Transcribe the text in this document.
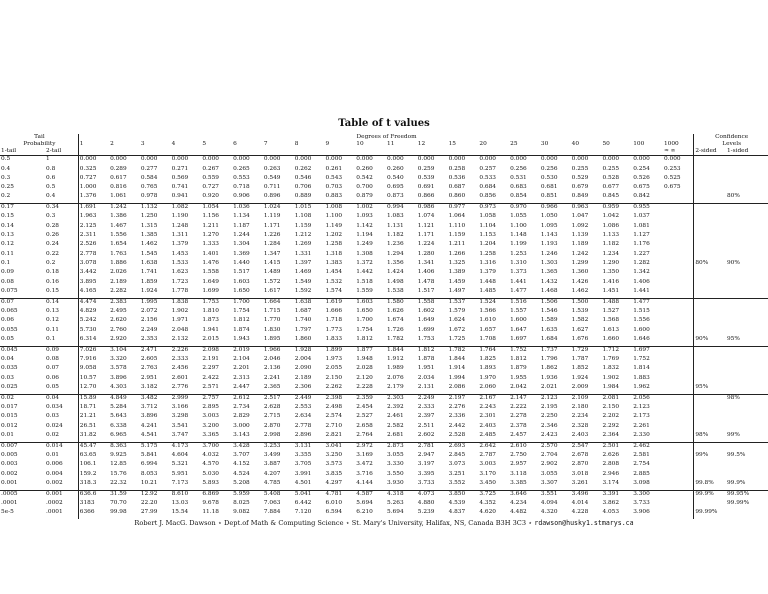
Table of t values
Tail									Degrees of Freedom													Confidence	
Probability		1	2	3	4	5	6	7	8	9	10	11	12	15	20	25	30	40	50	100	1000	Levels	
1-tail	2-tail																				≈ ∞	2-sided	1-sided
0.5	1	0.000	0.000	0.000	0.000	0.000	0.000	0.000	0.000	0.000	0.000	0.000	0.000	0.000	0.000	0.000	0.000	0.000	0.000	0.000	0.000		
0.4	0.8	0.325	0.289	0.277	0.271	0.267	0.265	0.263	0.262	0.261	0.260	0.260	0.259	0.258	0.257	0.256	0.256	0.255	0.255	0.254	0.253		
0.3	0.6	0.727	0.617	0.584	0.569	0.559	0.553	0.549	0.546	0.543	0.542	0.540	0.539	0.536	0.533	0.531	0.530	0.529	0.528	0.526	0.525		
0.25	0.5	1.000	0.816	0.765	0.741	0.727	0.718	0.711	0.706	0.703	0.700	0.695	0.691	0.687	0.684	0.683	0.681	0.679	0.677	0.675	0.675		
0.2	0.4	1.376	1.061	0.978	0.941	0.920	0.906	0.896	0.889	0.883	0.879	0.873	0.866	0.860	0.856	0.854	0.851	0.849	0.845	0.842			80%
0.17	0.34	1.691	1.242	1.132	1.082	1.054	1.036	1.024	1.015	1.008	1.002	0.994	0.986	0.977	0.973	0.970	0.966	0.963	0.959	0.955			
0.15	0.3	1.963	1.386	1.250	1.190	1.156	1.134	1.119	1.108	1.100	1.093	1.083	1.074	1.064	1.058	1.055	1.050	1.047	1.042	1.037			
0.14	0.28	2.125	1.467	1.315	1.248	1.211	1.187	1.171	1.159	1.149	1.142	1.131	1.121	1.110	1.104	1.100	1.095	1.092	1.086	1.081			
0.13	0.26	2.311	1.556	1.385	1.311	1.270	1.244	1.226	1.212	1.202	1.194	1.182	1.171	1.159	1.153	1.148	1.143	1.139	1.133	1.127			
0.12	0.24	2.526	1.654	1.462	1.379	1.333	1.304	1.284	1.269	1.258	1.249	1.236	1.224	1.211	1.204	1.199	1.193	1.189	1.182	1.176			
0.11	0.22	2.778	1.763	1.545	1.453	1.401	1.369	1.347	1.331	1.318	1.308	1.294	1.280	1.266	1.258	1.253	1.246	1.242	1.234	1.227			
0.1	0.2	3.078	1.886	1.638	1.533	1.476	1.440	1.415	1.397	1.383	1.372	1.356	1.341	1.325	1.316	1.310	1.303	1.299	1.290	1.282		80%	90%
0.09	0.18	3.442	2.026	1.741	1.623	1.558	1.517	1.489	1.469	1.454	1.442	1.424	1.406	1.389	1.379	1.373	1.365	1.360	1.350	1.342			
0.08	0.16	3.895	2.189	1.859	1.723	1.649	1.603	1.572	1.549	1.532	1.518	1.498	1.478	1.459	1.448	1.441	1.432	1.426	1.416	1.406			
0.075	0.15	4.165	2.282	1.924	1.778	1.699	1.650	1.617	1.592	1.574	1.559	1.538	1.517	1.497	1.485	1.477	1.468	1.462	1.451	1.441			
0.07	0.14	4.474	2.383	1.995	1.838	1.753	1.700	1.664	1.638	1.619	1.603	1.580	1.558	1.537	1.524	1.516	1.506	1.500	1.488	1.477			
0.065	0.13	4.829	2.495	2.072	1.902	1.810	1.754	1.715	1.687	1.666	1.650	1.626	1.602	1.579	1.566	1.557	1.546	1.539	1.527	1.515			
0.06	0.12	5.242	2.620	2.156	1.971	1.873	1.812	1.770	1.740	1.718	1.700	1.674	1.649	1.624	1.610	1.600	1.589	1.582	1.568	1.556			
0.055	0.11	5.730	2.760	2.249	2.048	1.941	1.874	1.830	1.797	1.773	1.754	1.726	1.699	1.672	1.657	1.647	1.635	1.627	1.613	1.600			
0.05	0.1	6.314	2.920	2.353	2.132	2.015	1.943	1.895	1.860	1.833	1.812	1.782	1.753	1.725	1.708	1.697	1.684	1.676	1.660	1.646		90%	95%
0.045	0.09	7.026	3.104	2.471	2.226	2.098	2.019	1.966	1.928	1.899	1.877	1.844	1.812	1.782	1.764	1.752	1.737	1.729	1.712	1.697			
0.04	0.08	7.916	3.320	2.605	2.333	2.191	2.104	2.046	2.004	1.973	1.948	1.912	1.878	1.844	1.825	1.812	1.796	1.787	1.769	1.752			
0.035	0.07	9.058	3.578	2.763	2.456	2.297	2.201	2.136	2.090	2.055	2.028	1.989	1.951	1.914	1.893	1.879	1.862	1.852	1.832	1.814			
0.03	0.06	10.57	3.896	2.951	2.601	2.422	2.313	2.241	2.189	2.150	2.120	2.076	2.034	1.994	1.970	1.955	1.936	1.924	1.902	1.883			
0.025	0.05	12.70	4.303	3.182	2.776	2.571	2.447	2.365	2.306	2.262	2.228	2.179	2.131	2.086	2.060	2.042	2.021	2.009	1.984	1.962		95%	
0.02	0.04	15.89	4.849	3.482	2.999	2.757	2.612	2.517	2.449	2.398	2.359	2.303	2.249	2.197	2.167	2.147	2.123	2.109	2.081	2.056			98%
0.017	0.034	18.71	5.284	3.712	3.166	2.895	2.734	2.628	2.553	2.498	2.454	2.392	2.333	2.276	2.243	2.222	2.195	2.180	2.150	2.123			
0.015	0.03	21.21	5.643	3.896	3.298	3.003	2.829	2.715	2.634	2.574	2.527	2.461	2.397	2.336	2.301	2.278	2.250	2.234	2.202	2.173			
0.012	0.024	26.51	6.338	4.241	3.541	3.200	3.000	2.870	2.778	2.710	2.658	2.582	2.511	2.442	2.403	2.378	2.346	2.328	2.292	2.261			
0.01	0.02	31.82	6.965	4.541	3.747	3.365	3.143	2.998	2.896	2.821	2.764	2.681	2.602	2.528	2.485	2.457	2.423	2.403	2.364	2.330		98%	99%
0.007	0.014	45.47	8.363	5.175	4.173	3.700	3.428	3.253	3.131	3.041	2.972	2.873	2.781	2.693	2.642	2.610	2.570	2.547	2.501	2.462			
0.005	0.01	63.65	9.925	5.841	4.604	4.032	3.707	3.499	3.355	3.250	3.169	3.055	2.947	2.845	2.787	2.750	2.704	2.678	2.626	2.581		99%	99.5%
0.003	0.006	106.1	12.85	6.994	5.321	4.570	4.152	3.887	3.705	3.573	3.472	3.330	3.197	3.073	3.003	2.957	2.902	2.870	2.808	2.754			
0.002	0.004	159.2	15.76	8.053	5.951	5.030	4.524	4.207	3.991	3.835	3.716	3.550	3.395	3.251	3.170	3.118	3.055	3.018	2.946	2.885			
0.001	0.002	318.3	22.32	10.21	7.173	5.893	5.208	4.785	4.501	4.297	4.144	3.930	3.733	3.552	3.450	3.385	3.307	3.261	3.174	3.098		99.8%	99.9%
.0005	0.001	636.6	31.59	12.92	8.610	6.869	5.959	5.408	5.041	4.781	4.587	4.318	4.073	3.850	3.725	3.646	3.551	3.496	3.391	3.300		99.9%	99.95%
.0001	.0002	3183	70.70	22.20	13.03	9.678	8.025	7.063	6.442	6.010	5.694	5.263	4.880	4.539	4.352	4.234	4.094	4.014	3.862	3.733			99.99%
5e-5	.0001	6366	99.98	27.99	15.54	11.18	9.082	7.884	7.120	6.594	6.210	5.694	5.239	4.837	4.620	4.482	4.320	4.228	4.053	3.906		99.99%	
Robert J. MacG. Dawson ⋆ Dept.of Math & Computing Science ⋆ St. Mary's University, Halifax, NS, Canada B3H 3C3 ⋆ rdawson@husky1.stmarys.ca
